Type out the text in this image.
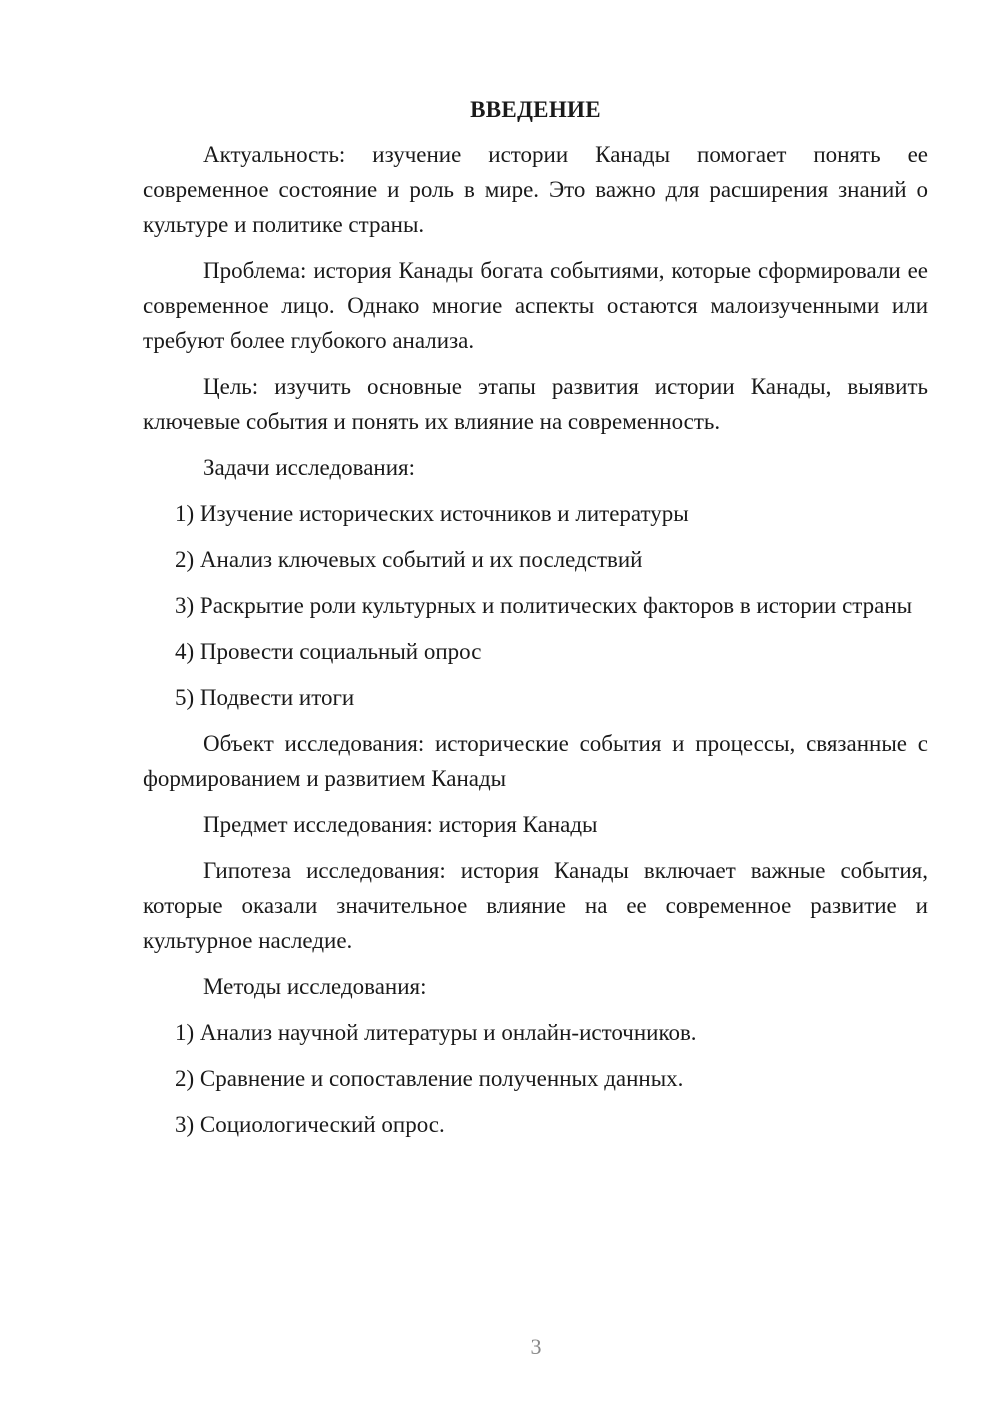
ВВЕДЕНИЕ

Актуальность: изучение истории Канады помогает понять ее современное состояние и роль в мире. Это важно для расширения знаний о культуре и политике страны.

Проблема: история Канады богата событиями, которые сформировали ее современное лицо. Однако многие аспекты остаются малоизученными или требуют более глубокого анализа.

Цель: изучить основные этапы развития истории Канады, выявить ключевые события и понять их влияние на современность.

Задачи исследования:

1) Изучение исторических источников и литературы

2) Анализ ключевых событий и их последствий

3) Раскрытие роли культурных и политических факторов в истории страны

4) Провести социальный опрос

5) Подвести итоги

Объект исследования: исторические события и процессы, связанные с формированием и развитием Канады

Предмет исследования: история Канады

Гипотеза исследования: история Канады включает важные события, которые оказали значительное влияние на ее современное развитие и культурное наследие.

Методы исследования:

1) Анализ научной литературы и онлайн-источников.

2) Сравнение и сопоставление полученных данных.

3) Социологический опрос.

3
